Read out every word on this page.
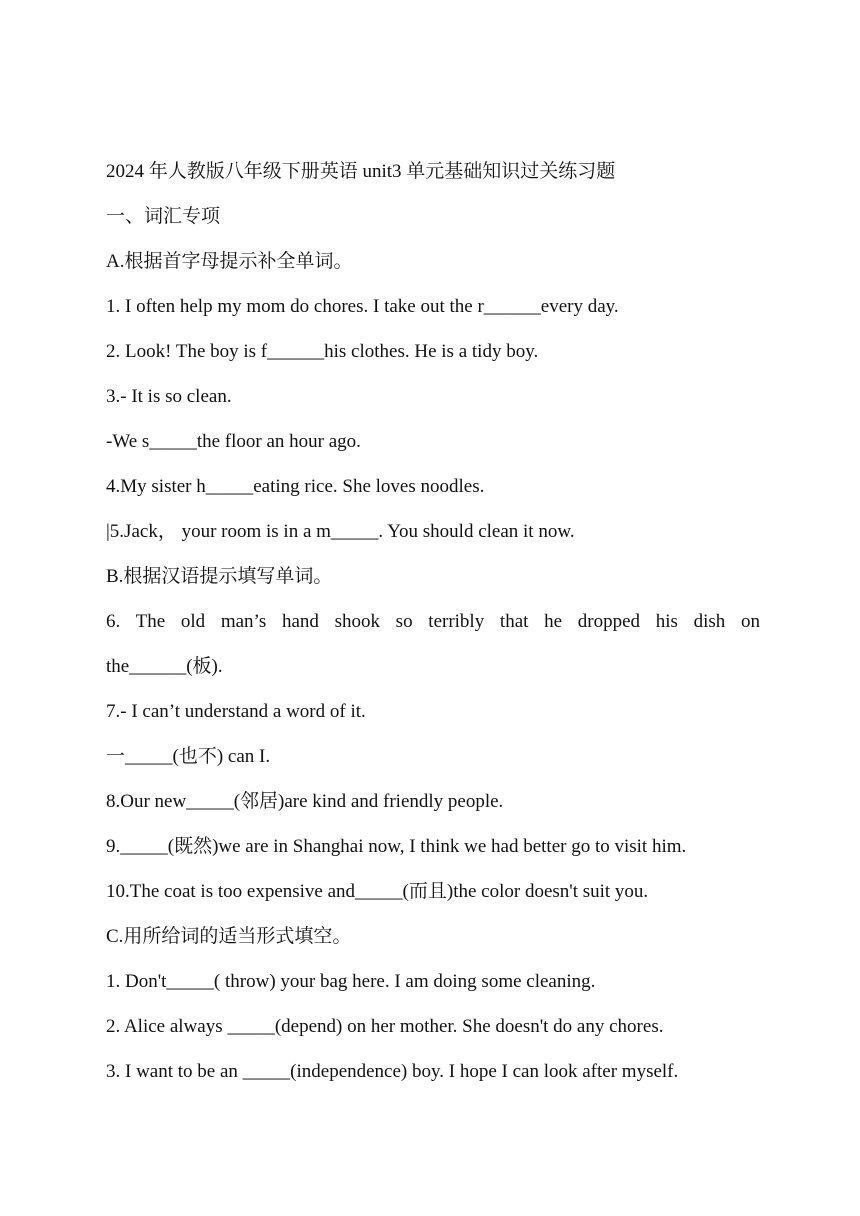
2024 年人教版八年级下册英语 unit3 单元基础知识过关练习题
一、词汇专项
A.根据首字母提示补全单词。
1. I often help my mom do chores. I take out the r______every day.
2. Look! The boy is f______his clothes. He is a tidy boy.
3.- It is so clean.
-We s_____the floor an hour ago.
4.My sister h_____eating rice. She loves noodles.
|5.Jack， your room is in a m_____. You should clean it now.
B.根据汉语提示填写单词。
6. The old man’s hand shook so terribly that he dropped his dish on
the______(板).
7.- I can’t understand a word of it.
一_____(也不) can I.
8.Our new_____(邻居)are kind and friendly people.
9._____(既然)we are in Shanghai now, I think we had better go to visit him.
10.The coat is too expensive and_____(而且)the color doesn't suit you.
C.用所给词的适当形式填空。
1. Don't_____( throw) your bag here. I am doing some cleaning.
2. Alice always _____(depend) on her mother. She doesn't do any chores.
3. I want to be an _____(independence) boy. I hope I can look after myself.
